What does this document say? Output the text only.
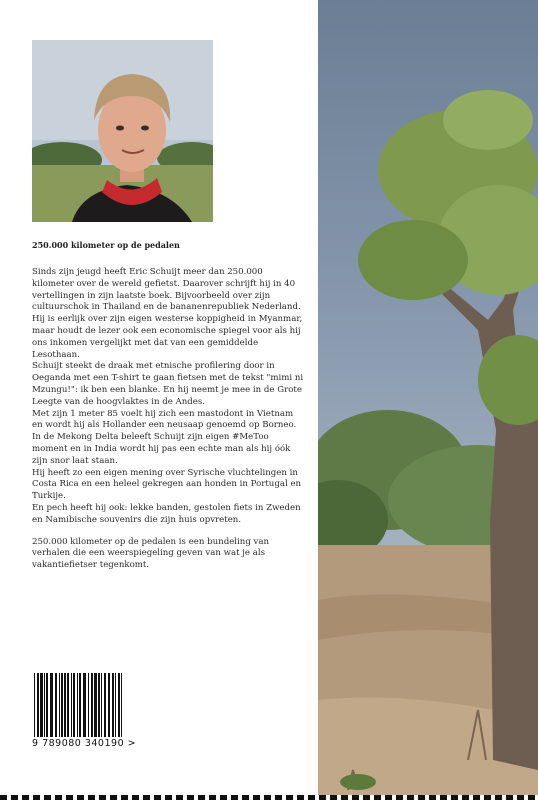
250.000 kilometer op de pedalen

Sinds zijn jeugd heeft Eric Schuijt meer dan 250.000 kilometer over de wereld gefietst. Daarover schrijft hij in 40 vertellingen in zijn laatste boek. Bijvoorbeeld over zijn cultuurschok in Thailand en de bananenrepubliek Nederland. Hij is eerlijk over zijn eigen westerse koppigheid in Myanmar, maar houdt de lezer ook een economische spiegel voor als hij ons inkomen vergelijkt met dat van een gemiddelde Lesothaan.

Schuijt steekt de draak met etnische profilering door in Oeganda met een T-shirt te gaan fietsen met de tekst "mimi ni Mzungu!": ik ben een blanke. En hij neemt je mee in de Grote Leegte van de hoogvlaktes in de Andes.

Met zijn 1 meter 85 voelt hij zich een mastodont in Vietnam en wordt hij als Hollander een neusaap genoemd op Borneo. In de Mekong Delta beleeft Schuijt zijn eigen #MeToo moment en in India wordt hij pas een echte man als hij óók zijn snor laat staan.

Hij heeft zo een eigen mening over Syrische vluchtelingen in Costa Rica en een heleel gekregen aan honden in Portugal en Turkije.

En pech heeft hij ook: lekke banden, gestolen fiets in Zweden en Namibische souvenirs die zijn huis opvreten.

250.000 kilometer op de pedalen is een bundeling van verhalen die een weerspiegeling geven van wat je als vakantiefietser tegenkomt.

9 789080 340190 >
